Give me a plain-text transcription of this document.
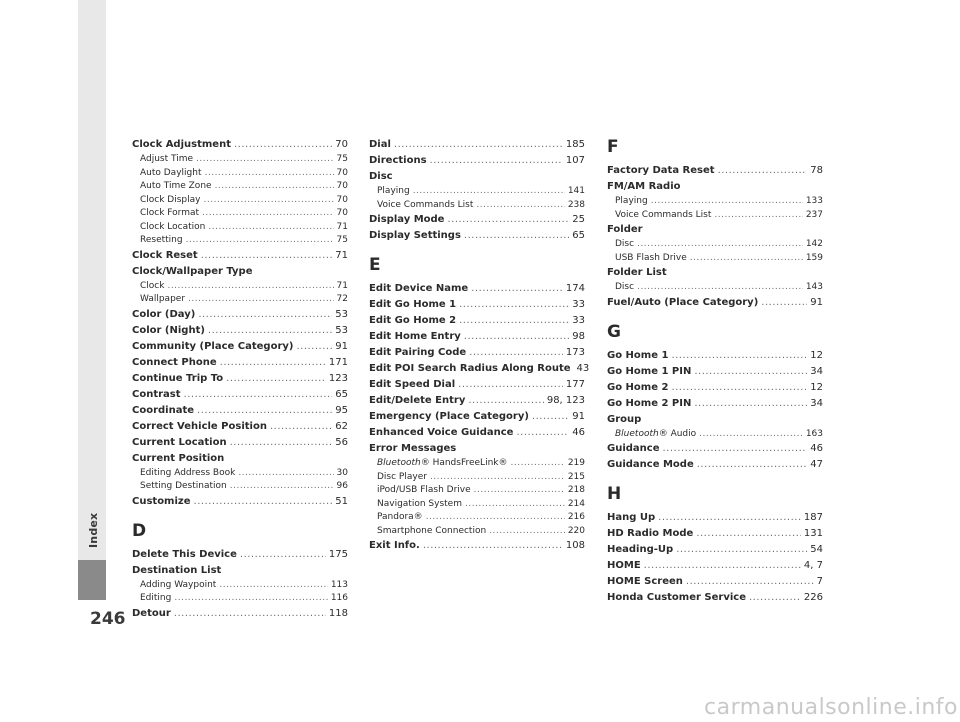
Index
246
Clock Adjustment .....	70
Adjust Time .....	75
Auto Daylight .....	70
Auto Time Zone .....	70
Clock Display .....	70
Clock Format .....	70
Clock Location .....	71
Resetting .....	75
Clock Reset .....	71
Clock/Wallpaper Type
Clock .....	71
Wallpaper .....	72
Color (Day) .....	53
Color (Night) .....	53
Community (Place Category) .....	91
Connect Phone .....	171
Continue Trip To .....	123
Contrast .....	65
Coordinate .....	95
Correct Vehicle Position .....	62
Current Location .....	56
Current Position
Editing Address Book .....	30
Setting Destination .....	96
Customize .....	51
D
Delete This Device .....	175
Destination List
Adding Waypoint .....	113
Editing .....	116
Detour .....	118
Dial .....	185
Directions .....	107
Disc
Playing .....	141
Voice Commands List .....	238
Display Mode .....	25
Display Settings .....	65
E
Edit Device Name .....	174
Edit Go Home 1 .....	33
Edit Go Home 2 .....	33
Edit Home Entry .....	98
Edit Pairing Code .....	173
Edit POI Search Radius Along Route 43
Edit Speed Dial .....	177
Edit/Delete Entry .....	98, 123
Emergency (Place Category) .....	91
Enhanced Voice Guidance .....	46
Error Messages
Bluetooth® HandsFreeLink® .....	219
Disc Player .....	215
iPod/USB Flash Drive .....	218
Navigation System .....	214
Pandora® .....	216
Smartphone Connection .....	220
Exit Info. .....	108
F
Factory Data Reset .....	78
FM/AM Radio
Playing .....	133
Voice Commands List .....	237
Folder
Disc .....	142
USB Flash Drive .....	159
Folder List
Disc .....	143
Fuel/Auto (Place Category) .....	91
G
Go Home 1 .....	12
Go Home 1 PIN .....	34
Go Home 2 .....	12
Go Home 2 PIN .....	34
Group
Bluetooth® Audio .....	163
Guidance .....	46
Guidance Mode .....	47
H
Hang Up .....	187
HD Radio Mode .....	131
Heading-Up .....	54
HOME .....	4, 7
HOME Screen .....	7
Honda Customer Service .....	226
carmanualsonline.info
